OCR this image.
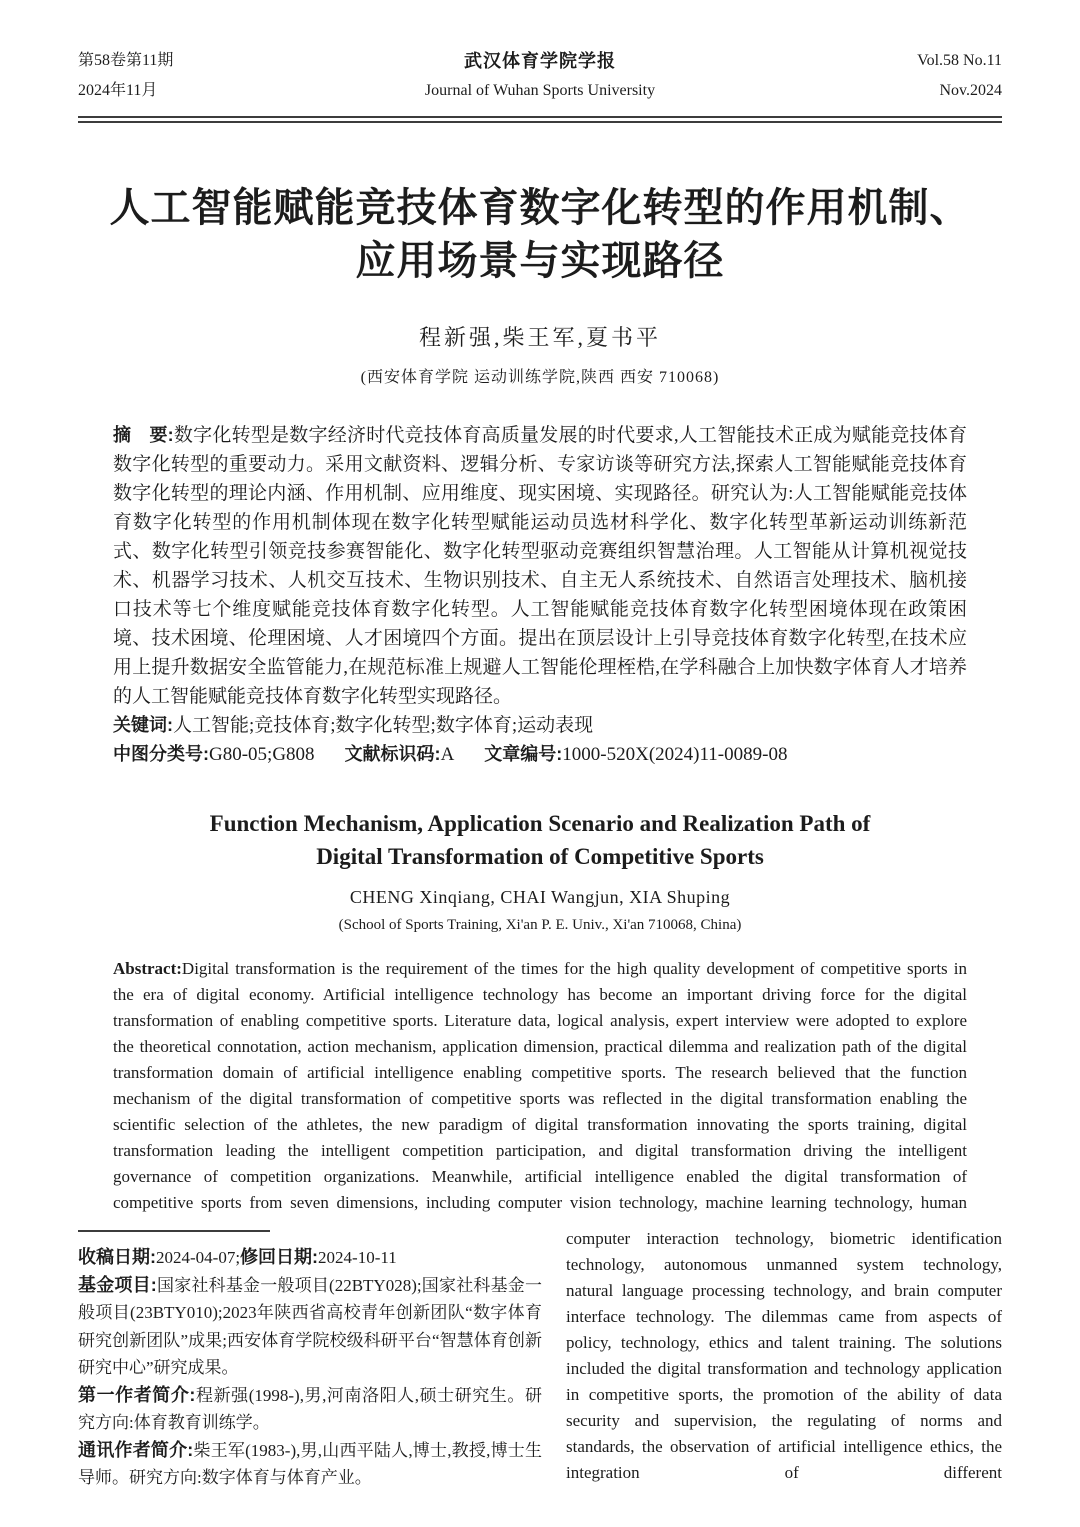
第58卷第11期
2024年11月
武汉体育学院学报
Journal of Wuhan Sports University
Vol.58 No.11
Nov.2024
人工智能赋能竞技体育数字化转型的作用机制、
应用场景与实现路径
程新强,柴王军,夏书平
(西安体育学院 运动训练学院,陕西 西安 710068)

摘　要:数字化转型是数字经济时代竞技体育高质量发展的时代要求,人工智能技术正成为赋能竞技体育数字化转型的重要动力。采用文献资料、逻辑分析、专家访谈等研究方法,探索人工智能赋能竞技体育数字化转型的理论内涵、作用机制、应用维度、现实困境、实现路径。研究认为:人工智能赋能竞技体育数字化转型的作用机制体现在数字化转型赋能运动员选材科学化、数字化转型革新运动训练新范式、数字化转型引领竞技参赛智能化、数字化转型驱动竞赛组织智慧治理。人工智能从计算机视觉技术、机器学习技术、人机交互技术、生物识别技术、自主无人系统技术、自然语言处理技术、脑机接口技术等七个维度赋能竞技体育数字化转型。人工智能赋能竞技体育数字化转型困境体现在政策困境、技术困境、伦理困境、人才困境四个方面。提出在顶层设计上引导竞技体育数字化转型,在技术应用上提升数据安全监管能力,在规范标准上规避人工智能伦理桎梏,在学科融合上加快数字体育人才培养的人工智能赋能竞技体育数字化转型实现路径。

关键词:人工智能;竞技体育;数字化转型;数字体育;运动表现

中图分类号:G80-05;G808 文献标识码:A 文章编号:1000-520X(2024)11-0089-08

Function Mechanism, Application Scenario and Realization Path of
Digital Transformation of Competitive Sports
CHENG Xinqiang, CHAI Wangjun, XIA Shuping
(School of Sports Training, Xi'an P. E. Univ., Xi'an 710068, China)

Abstract:Digital transformation is the requirement of the times for the high quality development of competitive sports in the era of digital economy. Artificial intelligence technology has become an important driving force for the digital transformation of enabling competitive sports. Literature data, logical analysis, expert interview were adopted to explore the theoretical connotation, action mechanism, application dimension, practical dilemma and realization path of the digital transformation domain of artificial intelligence enabling competitive sports. The research believed that the function mechanism of the digital transformation of competitive sports was reflected in the digital transformation enabling the scientific selection of the athletes, the new paradigm of digital transformation innovating the sports training, digital transformation leading the intelligent competition participation, and digital transformation driving the intelligent governance of competition organizations. Meanwhile, artificial intelligence enabled the digital transformation of competitive sports from seven dimensions, including computer vision technology, machine learning technology, human

收稿日期:2024-04-07;修回日期:2024-10-11

基金项目:国家社科基金一般项目(22BTY028);国家社科基金一般项目(23BTY010);2023年陕西省高校青年创新团队“数字体育研究创新团队”成果;西安体育学院校级科研平台“智慧体育创新研究中心”研究成果。

第一作者简介:程新强(1998-),男,河南洛阳人,硕士研究生。研究方向:体育教育训练学。

通讯作者简介:柴王军(1983-),男,山西平陆人,博士,教授,博士生导师。研究方向:数字体育与体育产业。

computer interaction technology, biometric identification technology, autonomous unmanned system technology, natural language processing technology, and brain computer interface technology. The dilemmas came from aspects of policy, technology, ethics and talent training. The solutions included the digital transformation and technology application in competitive sports, the promotion of the ability of data security and supervision, the regulating of norms and standards, the observation of artificial intelligence ethics, the integration of different
